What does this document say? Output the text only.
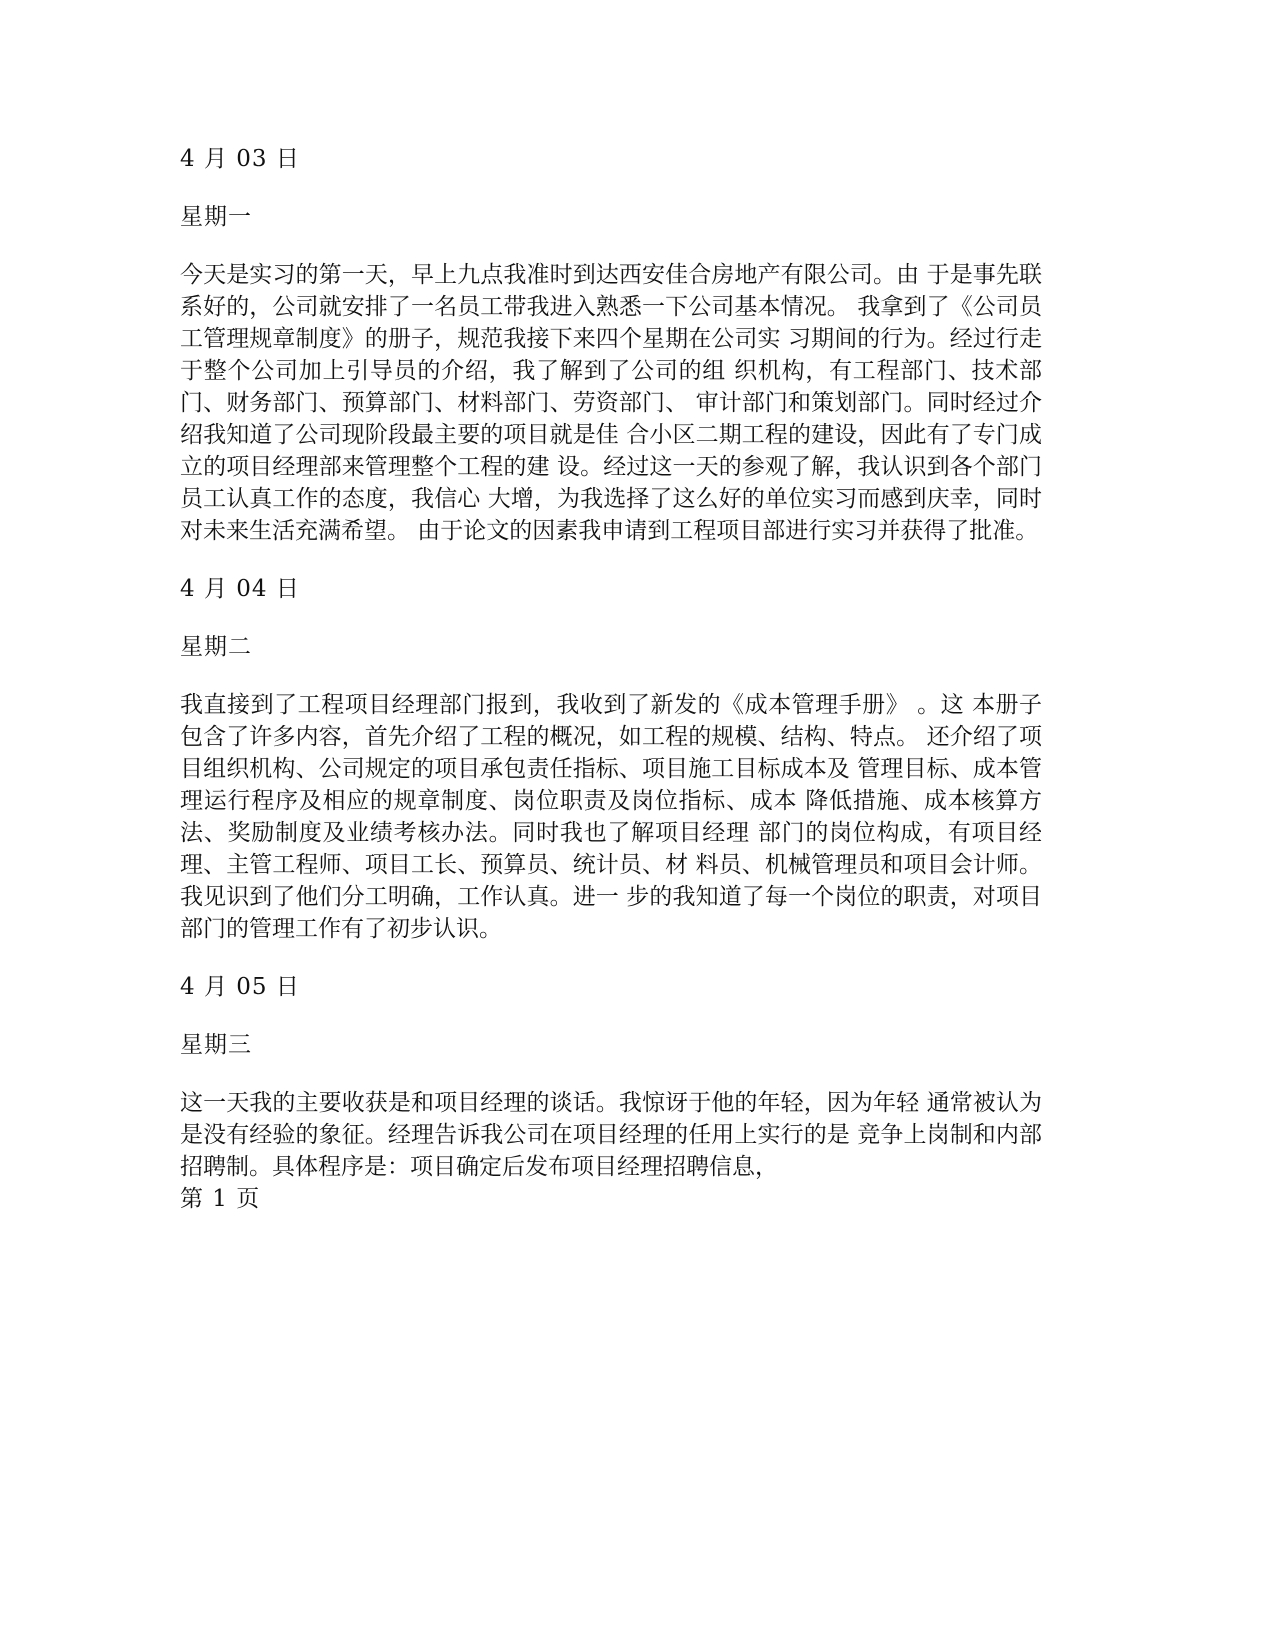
4 月 03 日

星期一

今天是实习的第一天，早上九点我准时到达西安佳合房地产有限公司。由 于是事先联系好的，公司就安排了一名员工带我进入熟悉一下公司基本情况。 我拿到了《公司员工管理规章制度》的册子，规范我接下来四个星期在公司实 习期间的行为。经过行走于整个公司加上引导员的介绍，我了解到了公司的组 织机构，有工程部门、技术部门、财务部门、预算部门、材料部门、劳资部门、 审计部门和策划部门。同时经过介绍我知道了公司现阶段最主要的项目就是佳 合小区二期工程的建设，因此有了专门成立的项目经理部来管理整个工程的建 设。经过这一天的参观了解，我认识到各个部门员工认真工作的态度，我信心 大增，为我选择了这么好的单位实习而感到庆幸，同时对未来生活充满希望。 由于论文的因素我申请到工程项目部进行实习并获得了批准。

4 月 04 日

星期二

我直接到了工程项目经理部门报到，我收到了新发的《成本管理手册》 。这 本册子包含了许多内容，首先介绍了工程的概况，如工程的规模、结构、特点。 还介绍了项目组织机构、公司规定的项目承包责任指标、项目施工目标成本及 管理目标、成本管理运行程序及相应的规章制度、岗位职责及岗位指标、成本 降低措施、成本核算方法、奖励制度及业绩考核办法。同时我也了解项目经理 部门的岗位构成，有项目经理、主管工程师、项目工长、预算员、统计员、材 料员、机械管理员和项目会计师。我见识到了他们分工明确，工作认真。进一 步的我知道了每一个岗位的职责，对项目部门的管理工作有了初步认识。

4 月 05 日

星期三

这一天我的主要收获是和项目经理的谈话。我惊讶于他的年轻，因为年轻 通常被认为是没有经验的象征。经理告诉我公司在项目经理的任用上实行的是 竞争上岗制和内部招聘制。具体程序是：项目确定后发布项目经理招聘信息，

第 1 页
